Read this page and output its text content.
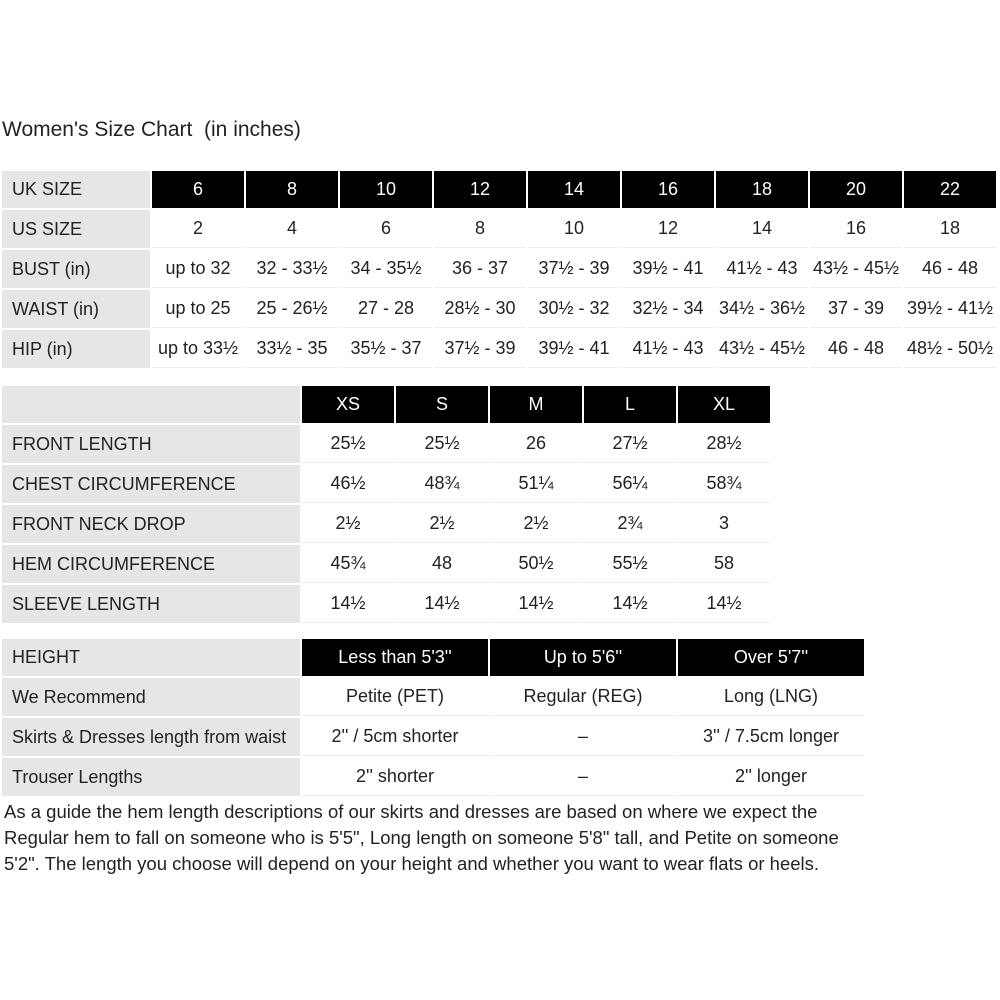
Women's Size Chart  (in inches)
UK SIZE	6	8	10	12	14	16	18	20	22
US SIZE	2	4	6	8	10	12	14	16	18
BUST (in)	up to 32	32 - 33½	34 - 35½	36 - 37	37½ - 39	39½ - 41	41½ - 43	43½ - 45½	46 - 48
WAIST (in)	up to 25	25 - 26½	27 - 28	28½ - 30	30½ - 32	32½ - 34	34½ - 36½	37 - 39	39½ - 41½
HIP (in)	up to 33½	33½ - 35	35½ - 37	37½ - 39	39½ - 41	41½ - 43	43½ - 45½	46 - 48	48½ - 50½
	XS	S	M	L	XL
FRONT LENGTH	25½	25½	26	27½	28½
CHEST CIRCUMFERENCE	46½	48¾	51¼	56¼	58¾
FRONT NECK DROP	2½	2½	2½	2¾	3
HEM CIRCUMFERENCE	45¾	48	50½	55½	58
SLEEVE LENGTH	14½	14½	14½	14½	14½
HEIGHT	Less than 5'3''	Up to 5'6''	Over 5'7''
We Recommend	Petite (PET)	Regular (REG)	Long (LNG)
Skirts & Dresses length from waist	2'' / 5cm shorter	–	3'' / 7.5cm longer
Trouser Lengths	2'' shorter	–	2'' longer
As a guide the hem length descriptions of our skirts and dresses are based on where we expect the
Regular hem to fall on someone who is 5'5", Long length on someone 5'8" tall, and Petite on someone
5'2". The length you choose will depend on your height and whether you want to wear flats or heels.
